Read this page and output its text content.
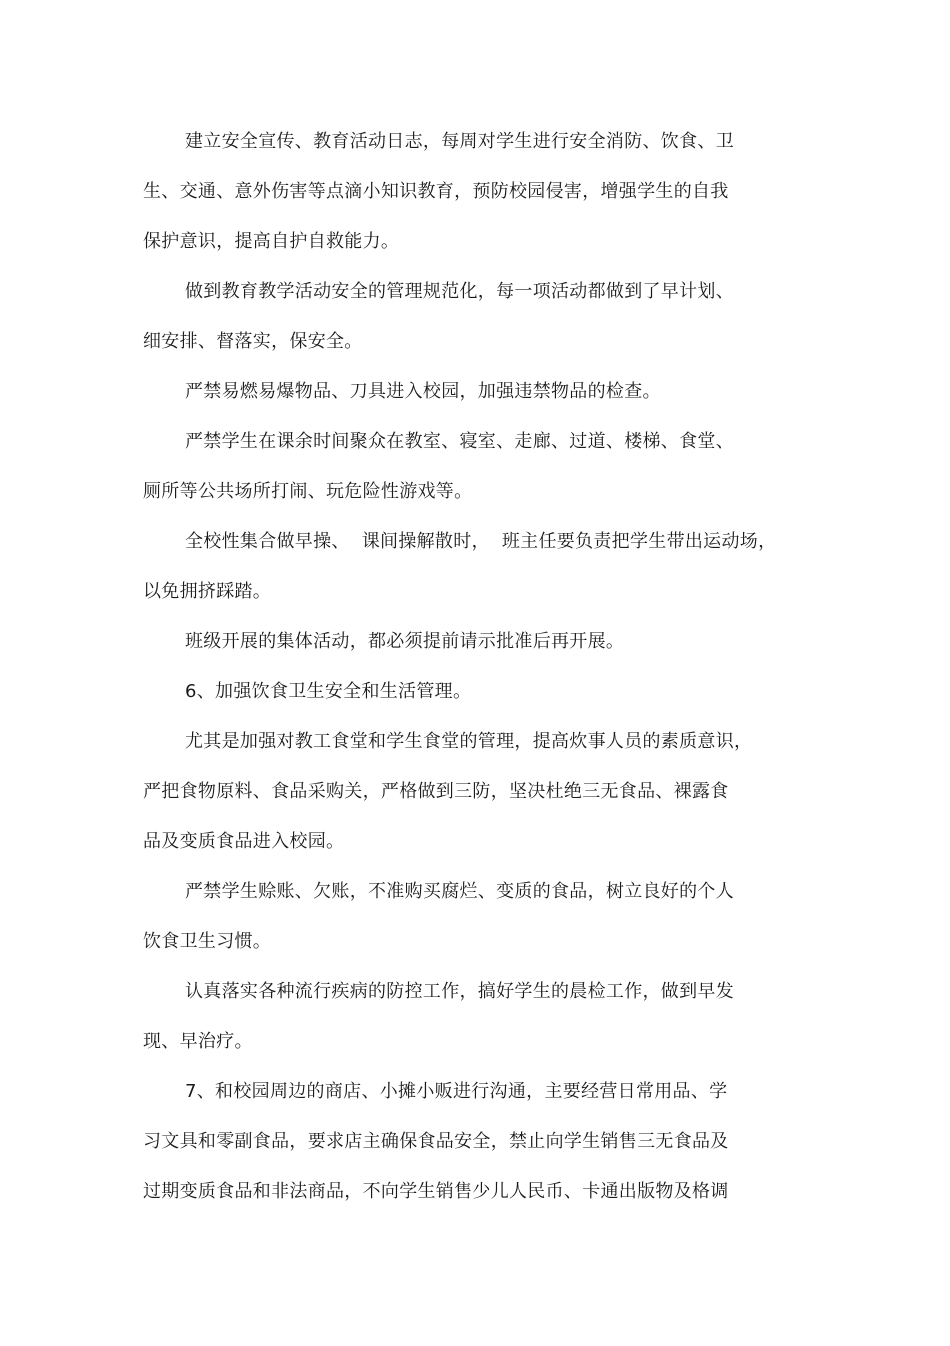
建立安全宣传、教育活动日志，每周对学生进行安全消防、饮食、卫
生、交通、意外伤害等点滴小知识教育，预防校园侵害，增强学生的自我
保护意识，提高自护自救能力。
做到教育教学活动安全的管理规范化，每一项活动都做到了早计划、
细安排、督落实，保安全。
严禁易燃易爆物品、刀具进入校园，加强违禁物品的检查。
严禁学生在课余时间聚众在教室、寝室、走廊、过道、楼梯、食堂、
厕所等公共场所打闹、玩危险性游戏等。
全校性集合做早操、  课间操解散时，  班主任要负责把学生带出运动场，
以免拥挤踩踏。
班级开展的集体活动，都必须提前请示批准后再开展。
6、加强饮食卫生安全和生活管理。
尤其是加强对教工食堂和学生食堂的管理，提高炊事人员的素质意识，
严把食物原料、食品采购关，严格做到三防，坚决杜绝三无食品、裸露食
品及变质食品进入校园。
严禁学生赊账、欠账，不准购买腐烂、变质的食品，树立良好的个人
饮食卫生习惯。
认真落实各种流行疾病的防控工作，搞好学生的晨检工作，做到早发
现、早治疗。
7、和校园周边的商店、小摊小贩进行沟通，主要经营日常用品、学
习文具和零副食品，要求店主确保食品安全，禁止向学生销售三无食品及
过期变质食品和非法商品，不向学生销售少儿人民币、卡通出版物及格调
